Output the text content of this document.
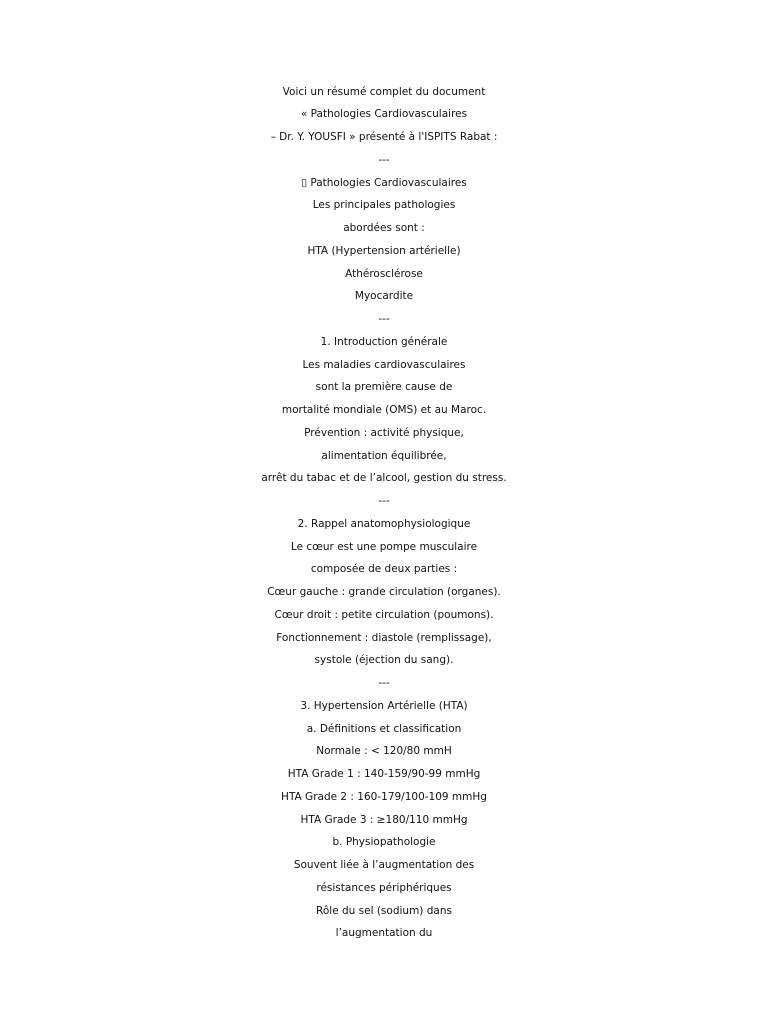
Voici un résumé complet du document
« Pathologies Cardiovasculaires
– Dr. Y. YOUSFI » présenté à l'ISPITS Rabat :
---
▯ Pathologies Cardiovasculaires
Les principales pathologies
abordées sont :
HTA (Hypertension artérielle)
Athérosclérose
Myocardite
---
1. Introduction générale
Les maladies cardiovasculaires
sont la première cause de
mortalité mondiale (OMS) et au Maroc.
Prévention : activité physique,
alimentation équilibrée,
arrêt du tabac et de l’alcool, gestion du stress.
---
2. Rappel anatomophysiologique
Le cœur est une pompe musculaire
composée de deux parties :
Cœur gauche : grande circulation (organes).
Cœur droit : petite circulation (poumons).
Fonctionnement : diastole (remplissage),
systole (éjection du sang).
---
3. Hypertension Artérielle (HTA)
a. Définitions et classification
Normale : < 120/80 mmH
HTA Grade 1 : 140-159/90-99 mmHg
HTA Grade 2 : 160-179/100-109 mmHg
HTA Grade 3 : ≥180/110 mmHg
b. Physiopathologie
Souvent liée à l’augmentation des
résistances périphériques
Rôle du sel (sodium) dans
l’augmentation du
